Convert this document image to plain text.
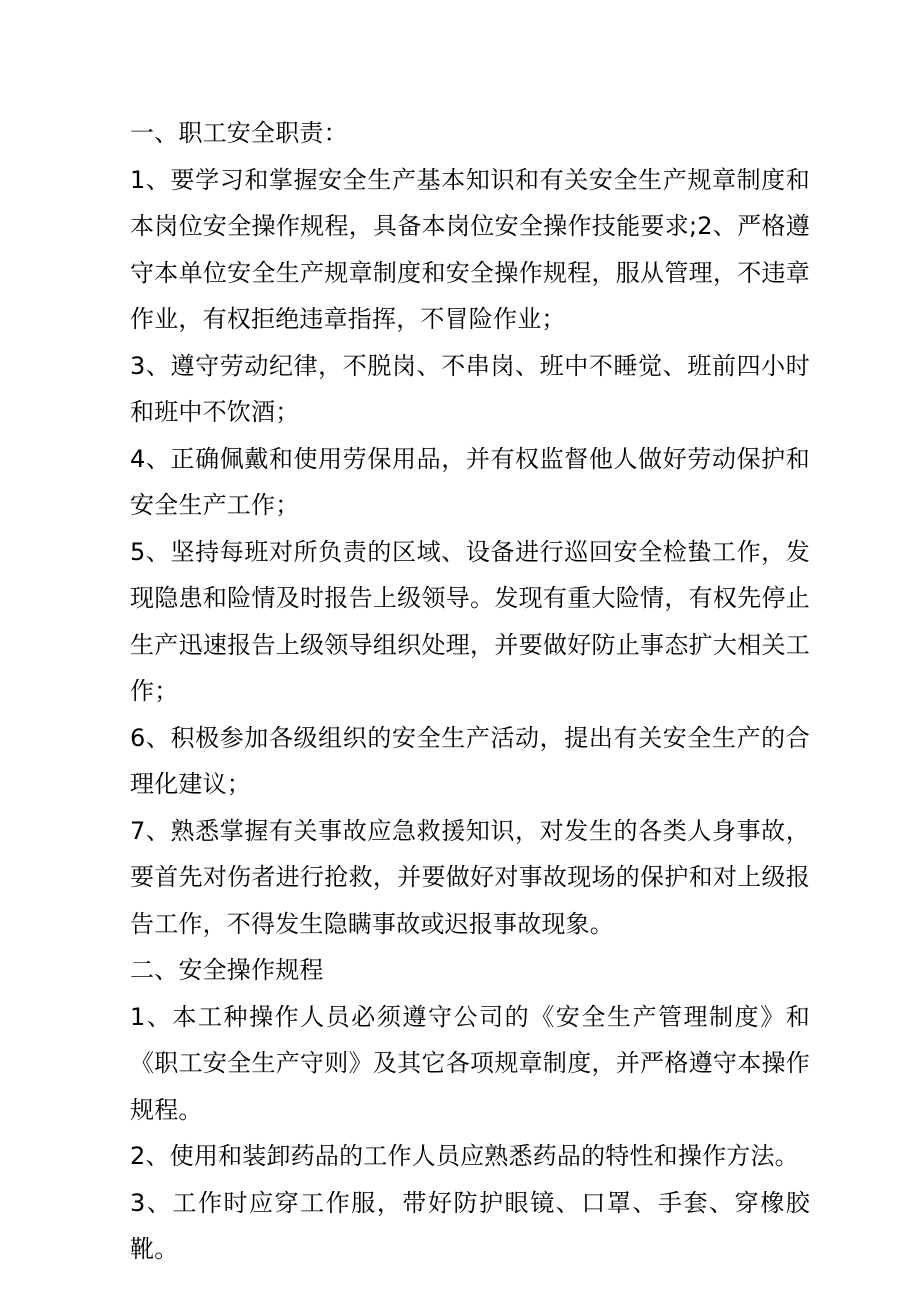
一、职工安全职责：
1、要学习和掌握安全生产基本知识和有关安全生产规章制度和本岗位安全操作规程，具备本岗位安全操作技能要求;2、严格遵守本单位安全生产规章制度和安全操作规程，服从管理，不违章作业，有权拒绝违章指挥，不冒险作业；
3、遵守劳动纪律，不脱岗、不串岗、班中不睡觉、班前四小时和班中不饮酒；
4、正确佩戴和使用劳保用品，并有权监督他人做好劳动保护和安全生产工作；
5、坚持每班对所负责的区域、设备进行巡回安全检蛰工作，发现隐患和险情及时报告上级领导。发现有重大险情，有权先停止生产迅速报告上级领导组织处理，并要做好防止事态扩大相关工作；
6、积极参加各级组织的安全生产活动，提出有关安全生产的合理化建议；
7、熟悉掌握有关事故应急救援知识，对发生的各类人身事故，要首先对伤者进行抢救，并要做好对事故现场的保护和对上级报告工作，不得发生隐瞒事故或迟报事故现象。
二、安全操作规程
1、本工种操作人员必须遵守公司的《安全生产管理制度》和《职工安全生产守则》及其它各项规章制度，并严格遵守本操作规程。
2、使用和装卸药品的工作人员应熟悉药品的特性和操作方法。
3、工作时应穿工作服，带好防护眼镜、口罩、手套、穿橡胶靴。
